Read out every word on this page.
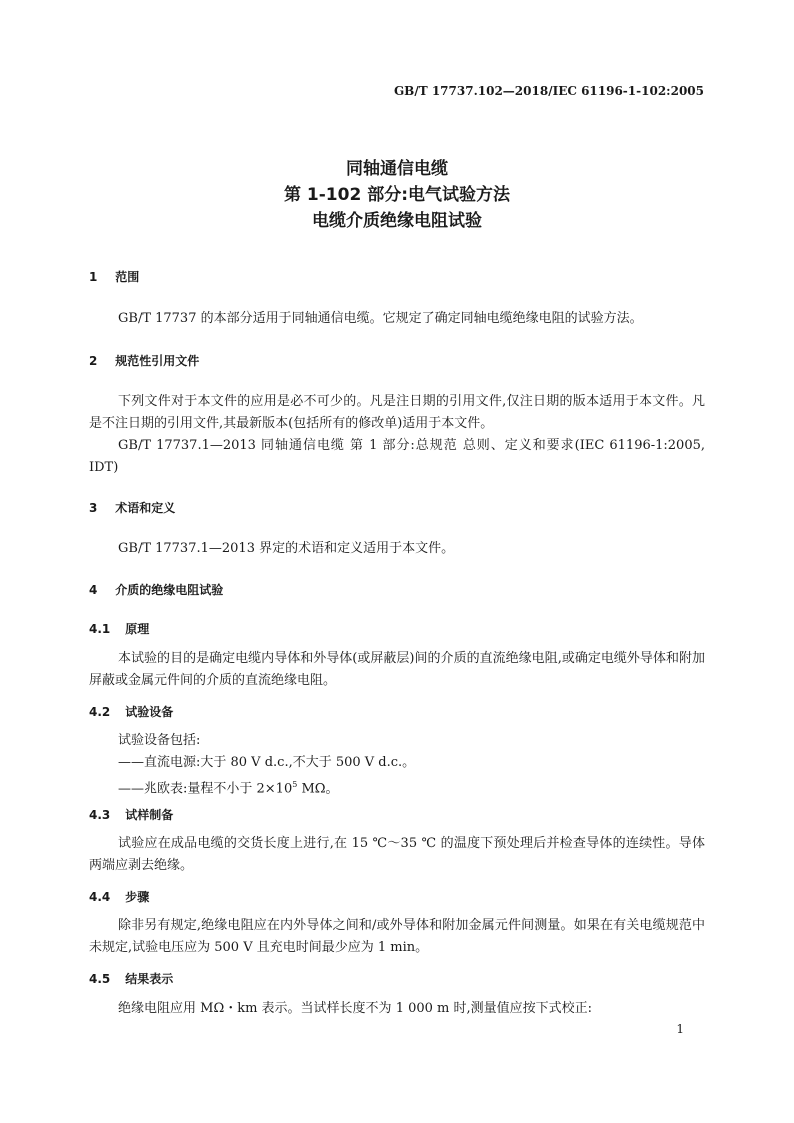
GB/T 17737.102—2018/IEC 61196-1-102:2005
同轴通信电缆
第 1-102 部分:电气试验方法
电缆介质绝缘电阻试验
1 范围
GB/T 17737 的本部分适用于同轴通信电缆。它规定了确定同轴电缆绝缘电阻的试验方法。
2 规范性引用文件
下列文件对于本文件的应用是必不可少的。凡是注日期的引用文件,仅注日期的版本适用于本文件。凡是不注日期的引用文件,其最新版本(包括所有的修改单)适用于本文件。
GB/T 17737.1—2013 同轴通信电缆 第 1 部分:总规范 总则、定义和要求(IEC 61196-1:2005, IDT)
3 术语和定义
GB/T 17737.1—2013 界定的术语和定义适用于本文件。
4 介质的绝缘电阻试验
4.1 原理
本试验的目的是确定电缆内导体和外导体(或屏蔽层)间的介质的直流绝缘电阻,或确定电缆外导体和附加屏蔽或金属元件间的介质的直流绝缘电阻。
4.2 试验设备
试验设备包括:
——直流电源:大于 80 V d.c.,不大于 500 V d.c.。
——兆欧表:量程不小于 $2\times 10^5$ MΩ。
4.3 试样制备
试验应在成品电缆的交货长度上进行,在 15 ℃～35 ℃ 的温度下预处理后并检查导体的连续性。导体两端应剥去绝缘。
4.4 步骤
除非另有规定,绝缘电阻应在内外导体之间和/或外导体和附加金属元件间测量。如果在有关电缆规范中未规定,试验电压应为 500 V 且充电时间最少应为 1 min。
4.5 结果表示
绝缘电阻应用 MΩ・km 表示。当试样长度不为 1 000 m 时,测量值应按下式校正:
1
